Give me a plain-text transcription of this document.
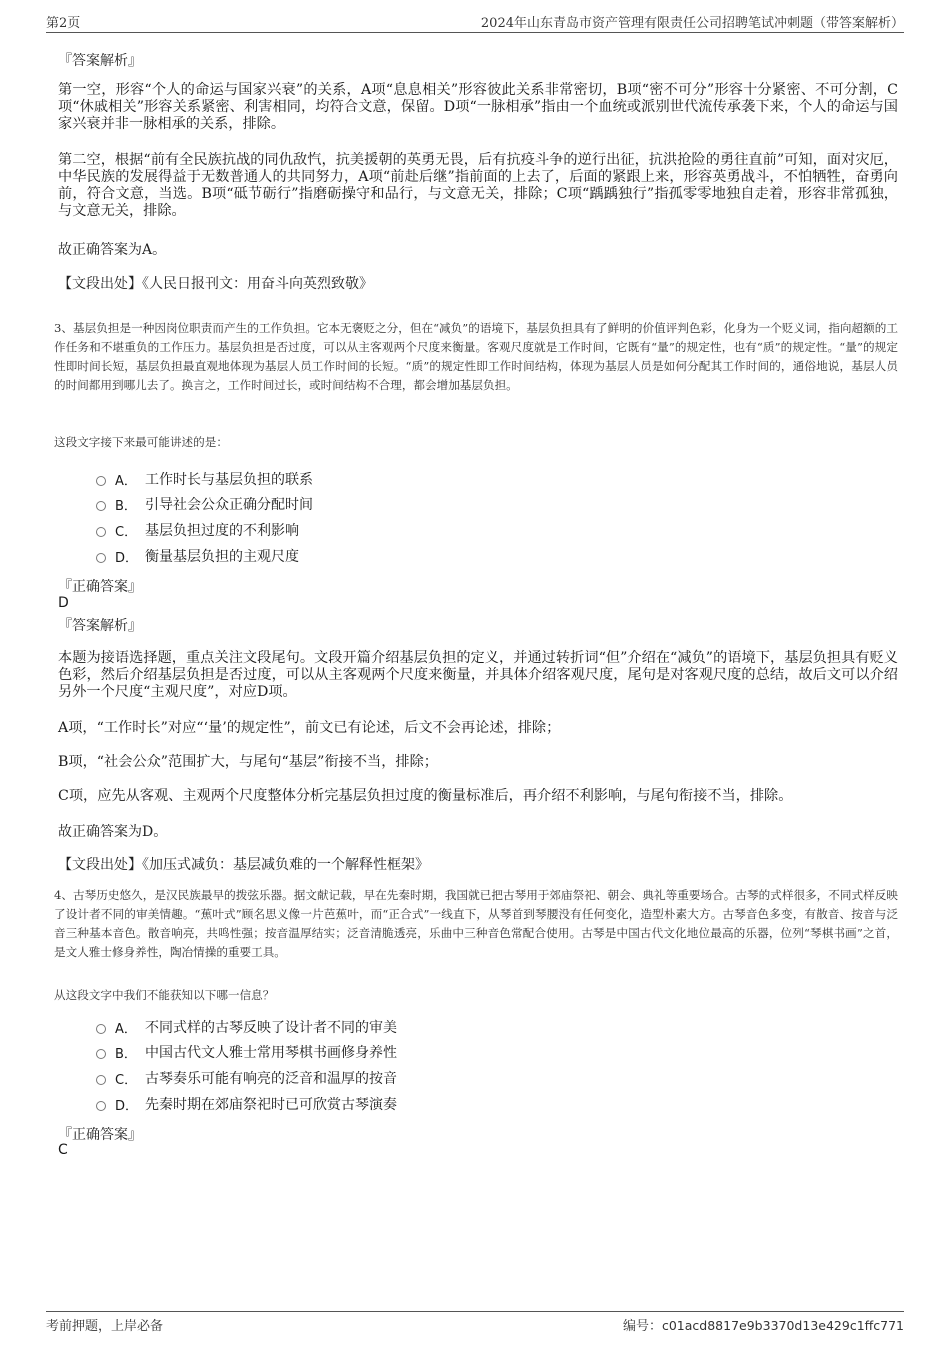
第2页	2024年山东青岛市资产管理有限责任公司招聘笔试冲刺题（带答案解析）
『答案解析』

第一空，形容“个人的命运与国家兴衰”的关系，A项“息息相关”形容彼此关系非常密切，B项“密不可分”形容十分紧密、不可分割，C项“休戚相关”形容关系紧密、利害相同，均符合文意，保留。D项“一脉相承”指由一个血统或派别世代流传承袭下来，个人的命运与国家兴衰并非一脉相承的关系，排除。

第二空，根据“前有全民族抗战的同仇敌忾，抗美援朝的英勇无畏，后有抗疫斗争的逆行出征，抗洪抢险的勇往直前”可知，面对灾厄，中华民族的发展得益于无数普通人的共同努力，A项“前赴后继”指前面的上去了，后面的紧跟上来，形容英勇战斗，不怕牺牲，奋勇向前，符合文意，当选。B项“砥节砺行”指磨砺操守和品行，与文意无关，排除；C项“踽踽独行”指孤零零地独自走着，形容非常孤独，与文意无关，排除。

故正确答案为A。
【文段出处】《人民日报刊文：用奋斗向英烈致敬》

3、基层负担是一种因岗位职责而产生的工作负担。它本无褒贬之分，但在“减负”的语境下，基层负担具有了鲜明的价值评判色彩，化身为一个贬义词，指向超额的工作任务和不堪重负的工作压力。基层负担是否过度，可以从主客观两个尺度来衡量。客观尺度就是工作时间，它既有“量”的规定性，也有“质”的规定性。“量”的规定性即时间长短，基层负担最直观地体现为基层人员工作时间的长短。“质”的规定性即工作时间结构，体现为基层人员是如何分配其工作时间的，通俗地说，基层人员的时间都用到哪儿去了。换言之，工作时间过长，或时间结构不合理，都会增加基层负担。

这段文字接下来最可能讲述的是：
A． 工作时长与基层负担的联系
B． 引导社会公众正确分配时间
C． 基层负担过度的不利影响
D． 衡量基层负担的主观尺度
『正确答案』
D
『答案解析』

本题为接语选择题，重点关注文段尾句。文段开篇介绍基层负担的定义，并通过转折词“但”介绍在“减负”的语境下，基层负担具有贬义色彩，然后介绍基层负担是否过度，可以从主客观两个尺度来衡量，并具体介绍客观尺度，尾句是对客观尺度的总结，故后文可以介绍另外一个尺度“主观尺度”，对应D项。

A项，“工作时长”对应“‘量’的规定性”，前文已有论述，后文不会再论述，排除；
B项，“社会公众”范围扩大，与尾句“基层”衔接不当，排除；
C项，应先从客观、主观两个尺度整体分析完基层负担过度的衡量标准后，再介绍不利影响，与尾句衔接不当，排除。
故正确答案为D。
【文段出处】《加压式减负：基层减负难的一个解释性框架》

4、古琴历史悠久，是汉民族最早的拨弦乐器。据文献记载，早在先秦时期，我国就已把古琴用于郊庙祭祀、朝会、典礼等重要场合。古琴的式样很多，不同式样反映了设计者不同的审美情趣。“蕉叶式”顾名思义像一片芭蕉叶，而“正合式”一线直下，从琴首到琴腰没有任何变化，造型朴素大方。古琴音色多变，有散音、按音与泛音三种基本音色。散音响亮，共鸣性强；按音温厚结实；泛音清脆透亮，乐曲中三种音色常配合使用。古琴是中国古代文化地位最高的乐器，位列“琴棋书画”之首，是文人雅士修身养性，陶冶情操的重要工具。

从这段文字中我们不能获知以下哪一信息？
A． 不同式样的古琴反映了设计者不同的审美
B． 中国古代文人雅士常用琴棋书画修身养性
C． 古琴奏乐可能有响亮的泛音和温厚的按音
D． 先秦时期在郊庙祭祀时已可欣赏古琴演奏
『正确答案』
C
考前押题，上岸必备	编号：c01acd8817e9b3370d13e429c1ffc771
